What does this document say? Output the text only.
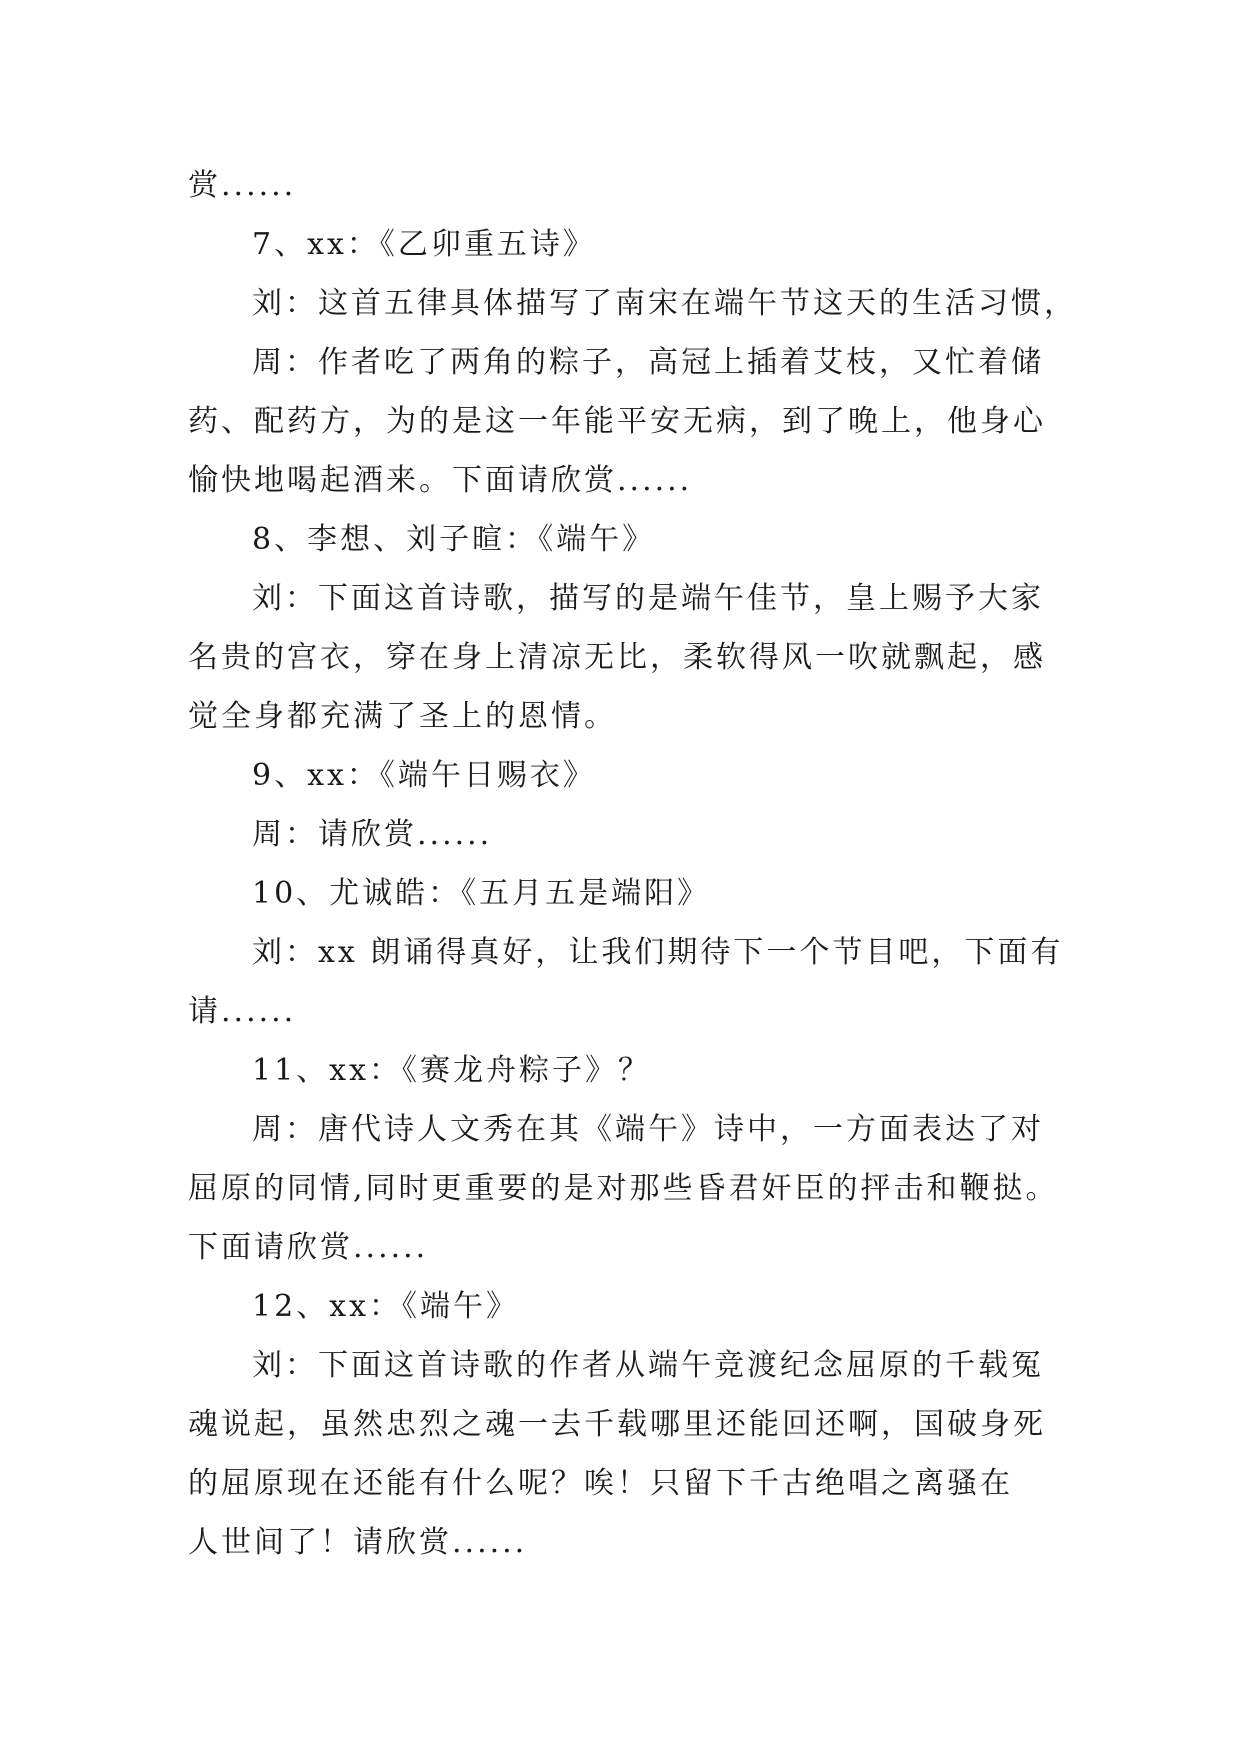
赏......
7、xx：《乙卯重五诗》
刘：这首五律具体描写了南宋在端午节这天的生活习惯，
周：作者吃了两角的粽子，高冠上插着艾枝，又忙着储
药、配药方，为的是这一年能平安无病，到了晚上，他身心
愉快地喝起酒来。下面请欣赏......
8、李想、刘子暄：《端午》
刘：下面这首诗歌，描写的是端午佳节，皇上赐予大家
名贵的宫衣，穿在身上清凉无比，柔软得风一吹就飘起，感
觉全身都充满了圣上的恩情。
9、xx：《端午日赐衣》
周：请欣赏......
10、尤诚皓：《五月五是端阳》
刘：xx 朗诵得真好，让我们期待下一个节目吧，下面有
请......
11、xx：《赛龙舟粽子》？
周：唐代诗人文秀在其《端午》诗中，一方面表达了对
屈原的同情,同时更重要的是对那些昏君奸臣的抨击和鞭挞。
下面请欣赏......
12、xx：《端午》
刘：下面这首诗歌的作者从端午竞渡纪念屈原的千载冤
魂说起，虽然忠烈之魂一去千载哪里还能回还啊，国破身死
的屈原现在还能有什么呢？唉！只留下千古绝唱之离骚在
人世间了！请欣赏......
